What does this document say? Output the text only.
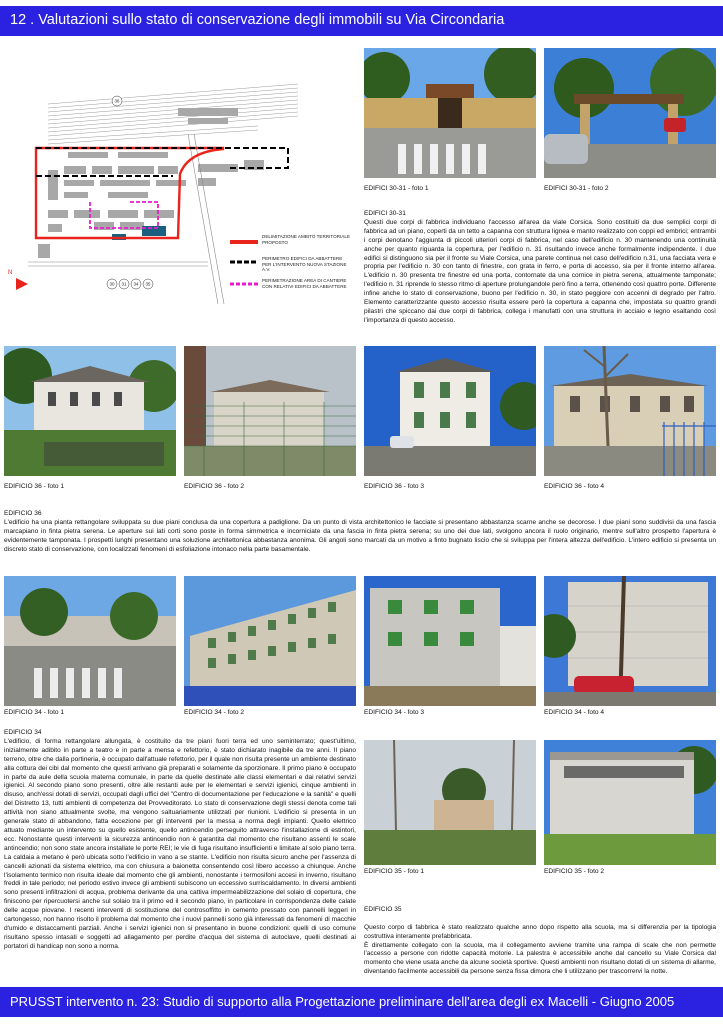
12 . Valutazioni sullo stato di conservazione degli immobili su Via Circondaria
N
36
30 31 34 35
DELIMITAZIONE AMBITO TERRITORIALE PROPOSTO
PERIMETRO EDIFICI DA ABBATTERE PER L'INTERVENTO NUOVA STAZIONE A.V.
PERIMETRAZIONE AREA DI CANTIERE CON RELATIVI EDIFICI DA ABBATTERE
EDIFICI 30-31 - foto 1	EDIFICI 30-31 - foto 2
EDIFICI 30-31
Questi due corpi di fabbrica individuano l'accesso all'area da viale Corsica. Sono costituiti da due semplici corpi di fabbrica ad un piano, coperti da un tetto a capanna con struttura lignea e manto realizzato con coppi ed embrici; entrambi i corpi denotano l'aggiunta di piccoli ulteriori corpi di fabbrica, nel caso dell'edificio n. 30 mantenendo una continuità anche per quanto riguarda la copertura, per l'edificio n. 31 risultando invece anche formalmente indipendente. I due edifici si distinguono sia per il fronte su Viale Corsica, una parete continua nel caso dell'edificio n.31, una facciata vera e propria per l'edificio n. 30 con tanto di finestre, con grata in ferro, e porta di accesso, sia per il fronte interno all'area. L'edificio n. 30 presenta tre finestre ed una porta, contornate da una cornice in pietra serena, attualmente tamponate; l'edificio n. 31 riprende lo stesso ritmo di aperture prolungandole però fino a terra, ottenendo così quattro porte. Differente infine anche lo stato di conservazione, buono per l'edificio n. 30, in stato peggiore con accenni di degrado per l'altro. Elemento caratterizzante questo accesso risulta essere però la copertura a capanna che, impostata su quattro grandi pilastri che spiccano dai due corpi di fabbrica, collega i manufatti con una struttura in acciaio e legno esaltando così l'importanza di questo accesso.
EDIFICIO 36 - foto 1	EDIFICIO 36 - foto 2	EDIFICIO 36 - foto 3	EDIFICIO 36 - foto 4
EDIFICIO 36
L'edificio ha una pianta rettangolare sviluppata su due piani conclusa da una copertura a padiglione. Da un punto di vista architettonico le facciate si presentano abbastanza scarne anche se decorose. I due piani sono suddivisi da una fascia marcapiano in finta pietra serena. Le aperture sui lati corti sono poste in forma simmetrica e incorniciate da una fascia in finta pietra serena; su uno dei due lati, svolgono ancora il ruolo originario, mentre sull'altro prospetto l'apertura è evidentemente tamponata. I prospetti lunghi presentano una soluzione architettonica abbastanza anonima. Gli angoli sono marcati da un motivo a finto bugnato liscio che si sviluppa per l'intera altezza dell'edificio. L'intero edificio si presenta un discreto stato di conservazione, con localizzati fenomeni di esfoliazione intonaco nella parte basamentale.
EDIFICIO 34 - foto 1	EDIFICIO 34 - foto 2	EDIFICIO 34 - foto 3	EDIFICIO 34 - foto 4
EDIFICIO 34
L'edificio, di forma rettangolare allungata, è costituito da tre piani fuori terra ed uno seminterrato; quest'ultimo, inizialmente adibito in parte a teatro e in parte a mensa e refettorio, è stato dichiarato inagibile da tre anni. Il piano terreno, oltre che dalla portineria, è occupato dall'attuale refettorio, per il quale non risulta presente un ambiente destinato alla cottura dei cibi dal momento che questi arrivano già preparati e solamente da sporzionare. Il primo piano è occupato in parte da aule della scuola materna comunale, in parte da quelle destinate alle classi elementari e dai relativi servizi igienici. Al secondo piano sono presenti, oltre alle restanti aule per le elementari e servizi igienici, cinque ambienti in disuso, anch'essi dotati di servizi, occupati dagli uffici del "Centro di documentazione per l'educazione e la sanità" e quelli del Distretto 13, tutti ambienti di competenza del Provveditorato. Lo stato di conservazione degli stessi denota come tali attività non siano attualmente svolte, ma vengono saltuariamente utilizzati per riunioni. L'edificio si presenta in un generale stato di abbandono, fatta eccezione per gli interventi per la messa a norma degli impianti. Quello elettrico attuato mediante un intervento su quello esistente, quello antincendio perseguito attraverso l'installazione di estintori, ecc. Nonostante questi interventi la sicurezza antincendio non è garantita dal momento che risultano assenti le scale antincendio; non sono state ancora installate le porte REI; le vie di fuga risultano insufficienti e limitate al solo piano terra. La caldaia a metano è però ubicata sotto l'edificio in vano a se stante. L'edificio non risulta sicuro anche per l'assenza di cancelli azionati da sistema elettrico, ma con chiusura a baionetta consentendo così libero accesso a chiunque. Anche l'isolamento termico non risulta ideale dal momento che gli ambienti, nonostante i termosifoni accesi in inverno, risultano freddi in tale periodo; nel periodo estivo invece gli ambienti subiscono un eccessivo surriscaldamento. In diversi ambienti sono presenti infiltrazioni di acqua, problema derivante da una cattiva impermeabilizzazione del solaio di copertura, che finiscono per ripercuotersi anche sul solaio tra il primo ed il secondo piano, in particolare in corrispondenza delle calate delle acque piovane. I recenti interventi di sostituzione del controsoffitto in cemento pressato con pannelli leggeri in cartongesso, non hanno risolto il problema dal momento che i nuovi pannelli sono già interessati da fenomeni di macchie d'umido e distaccamenti parziali. Anche i servizi igienici non si presentano in buone condizioni: quelli di uso comune risultano spesso intasati e soggetti ad allagamento per perdite d'acqua del sistema di autoclave, quelli destinati ai portatori di handicap non sono a norma.
EDIFICIO 35 - foto 1	EDIFICIO 35 - foto 2

EDIFICIO 35

Questo corpo di fabbrica è stato realizzato qualche anno dopo rispetto alla scuola, ma si differenzia per la tipologia costruttiva interamente prefabbricata.
È direttamente collegato con la scuola, ma il collegamento avviene tramite una rampa di scale che non permette l'accesso a persone con ridotte capacità motorie. La palestra è accessibile anche dal cancello su Viale Corsica dal momento che viene usata anche da alcune società sportive. Questi ambienti non risultano dotati di un sistema di allarme, diventando facilmente accessibili da persone senza fissa dimora che li utilizzano per trascorrervi la notte.

PRUSST intervento n. 23: Studio di supporto alla Progettazione preliminare dell'area degli ex Macelli - Giugno 2005
